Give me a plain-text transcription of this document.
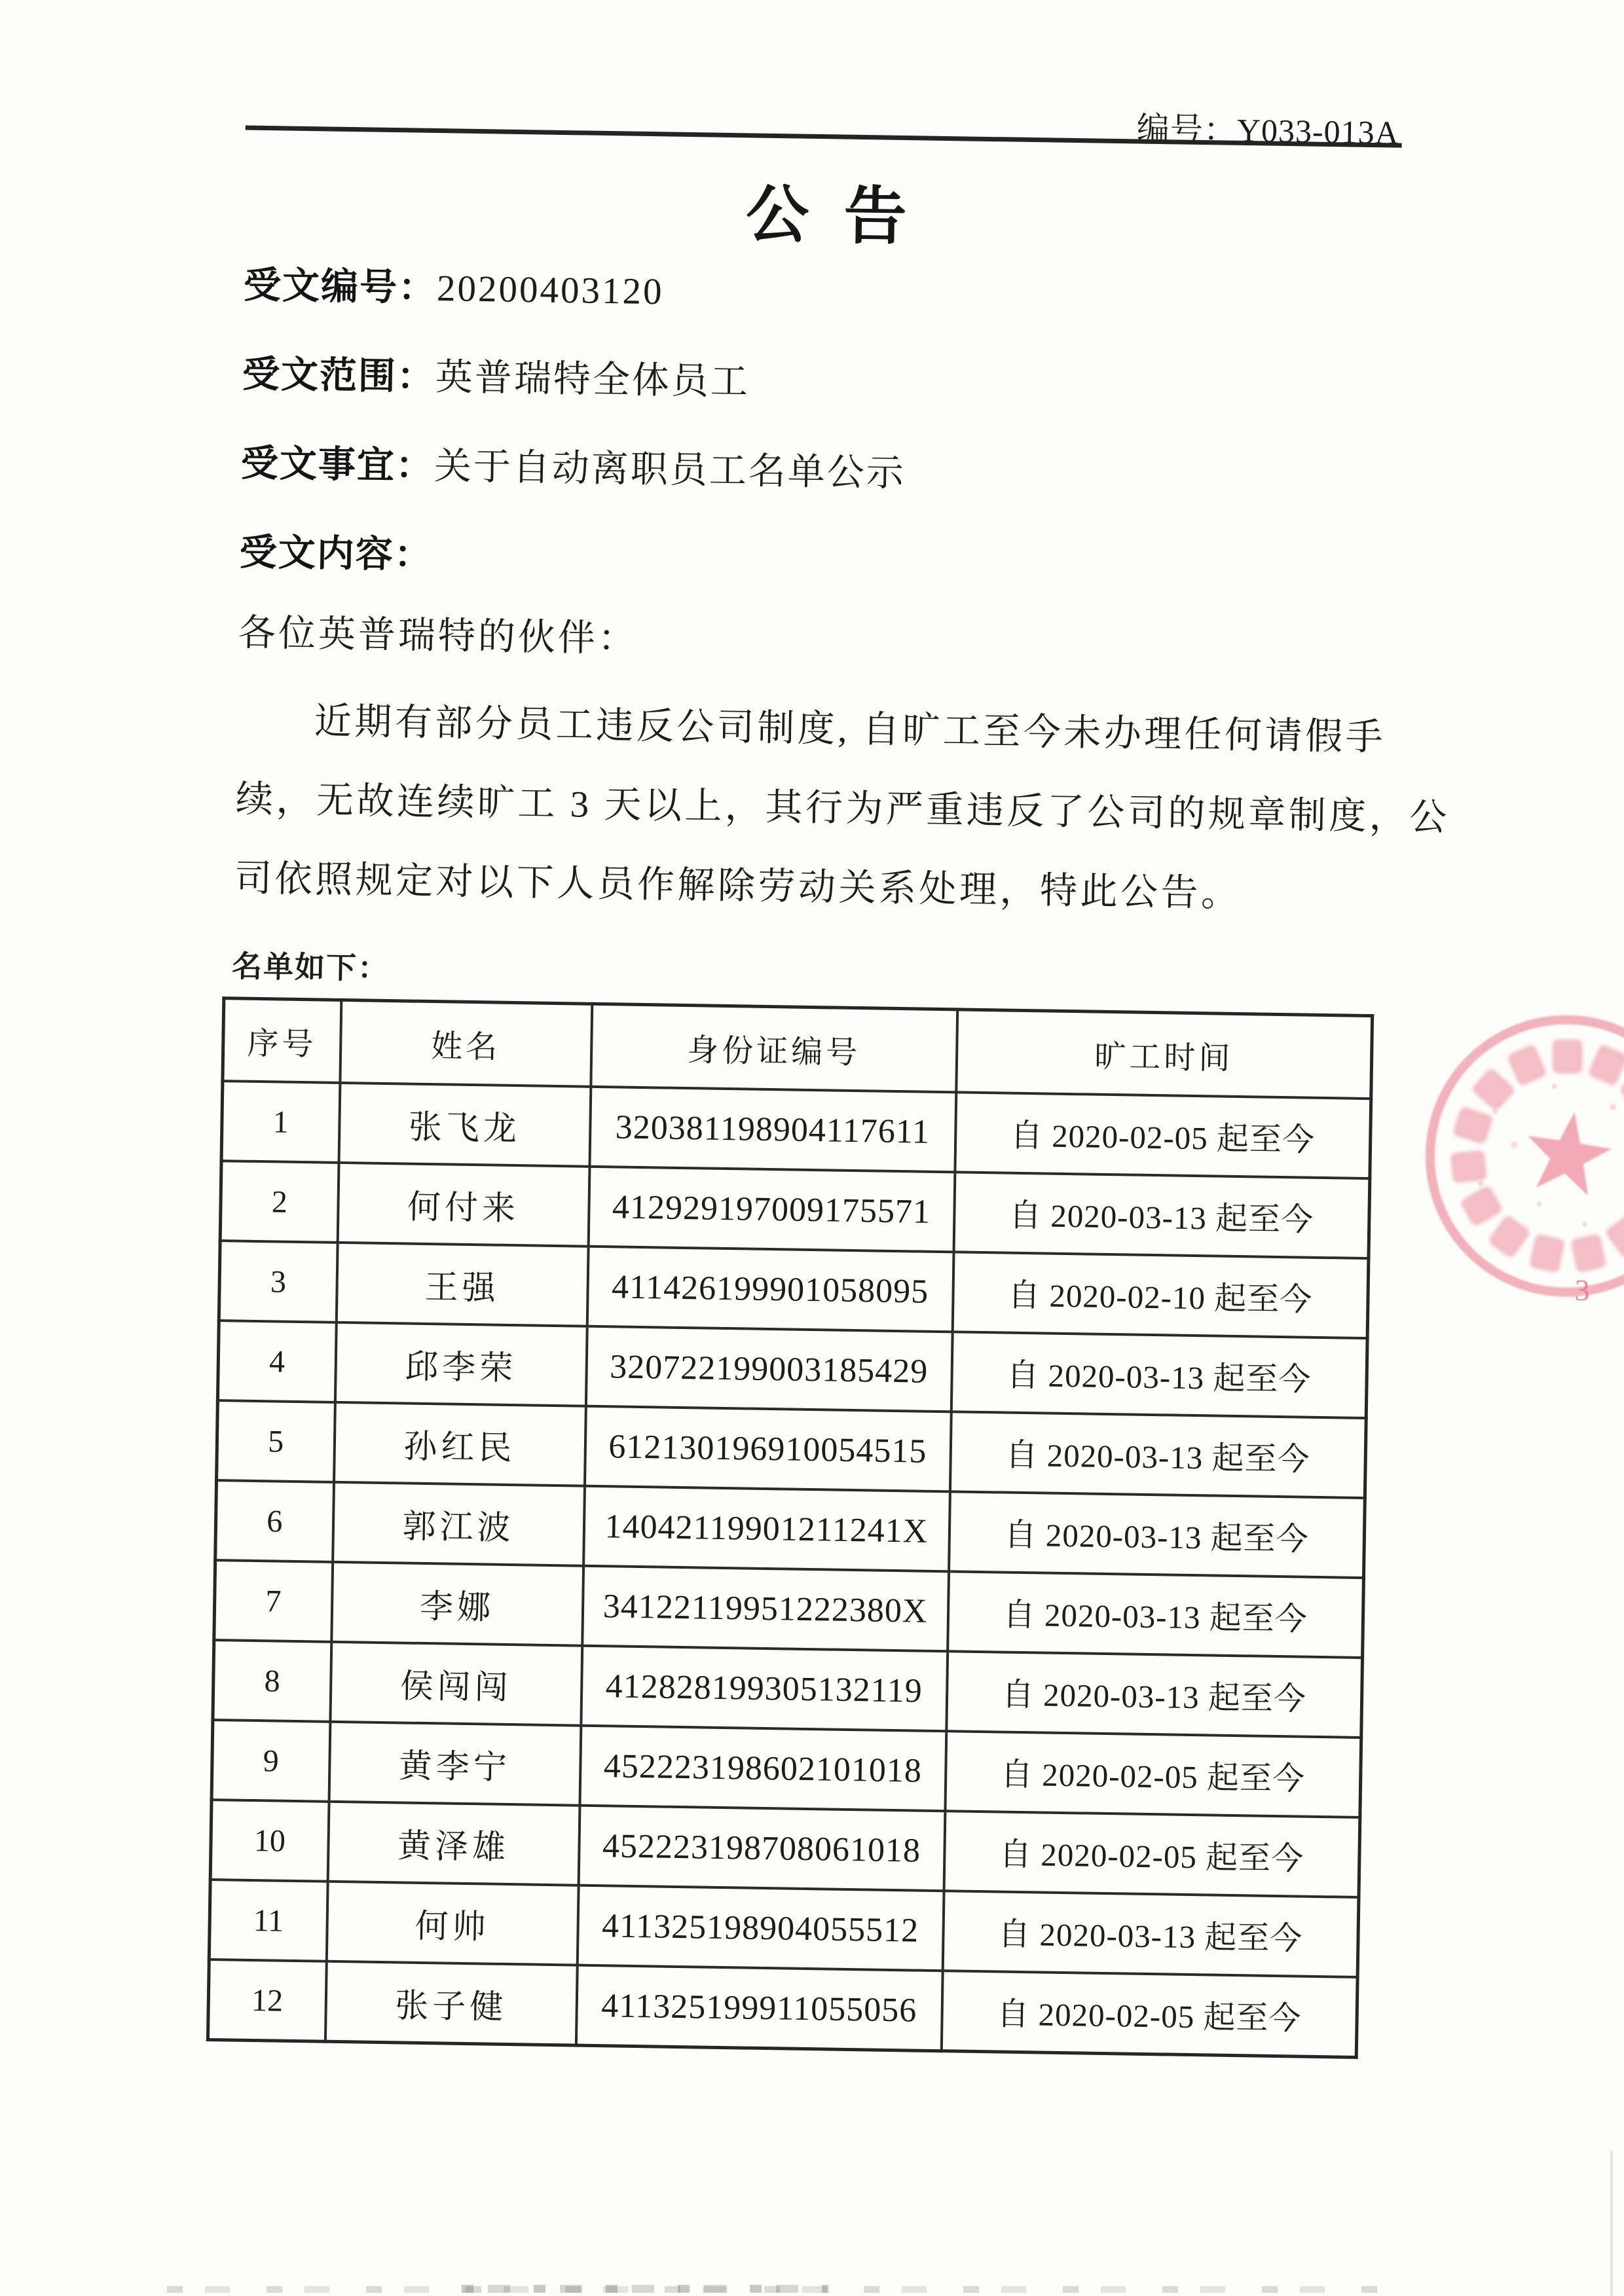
编号：Y033-013A
公  告
受文编号：20200403120
受文范围：英普瑞特全体员工
受文事宜：关于自动离职员工名单公示
受文内容：
各位英普瑞特的伙伴：
近期有部分员工违反公司制度, 自旷工至今未办理任何请假手
续，无故连续旷工 3 天以上，其行为严重违反了公司的规章制度，公
司依照规定对以下人员作解除劳动关系处理，特此公告。
名单如下：
序号	姓名	身份证编号	旷工时间
1	张飞龙	320381198904117611	自 2020-02-05 起至今
2	何付来	412929197009175571	自 2020-03-13 起至今
3	王强	411426199901058095	自 2020-02-10 起至今
4	邱李荣	320722199003185429	自 2020-03-13 起至今
5	孙红民	612130196910054515	自 2020-03-13 起至今
6	郭江波	14042119901211241X	自 2020-03-13 起至今
7	李娜	34122119951222380X	自 2020-03-13 起至今
8	侯闯闯	412828199305132119	自 2020-03-13 起至今
9	黄李宁	452223198602101018	自 2020-02-05 起至今
10	黄泽雄	452223198708061018	自 2020-02-05 起至今
11	何帅	411325198904055512	自 2020-03-13 起至今
12	张子健	411325199911055056	自 2020-02-05 起至今
3
